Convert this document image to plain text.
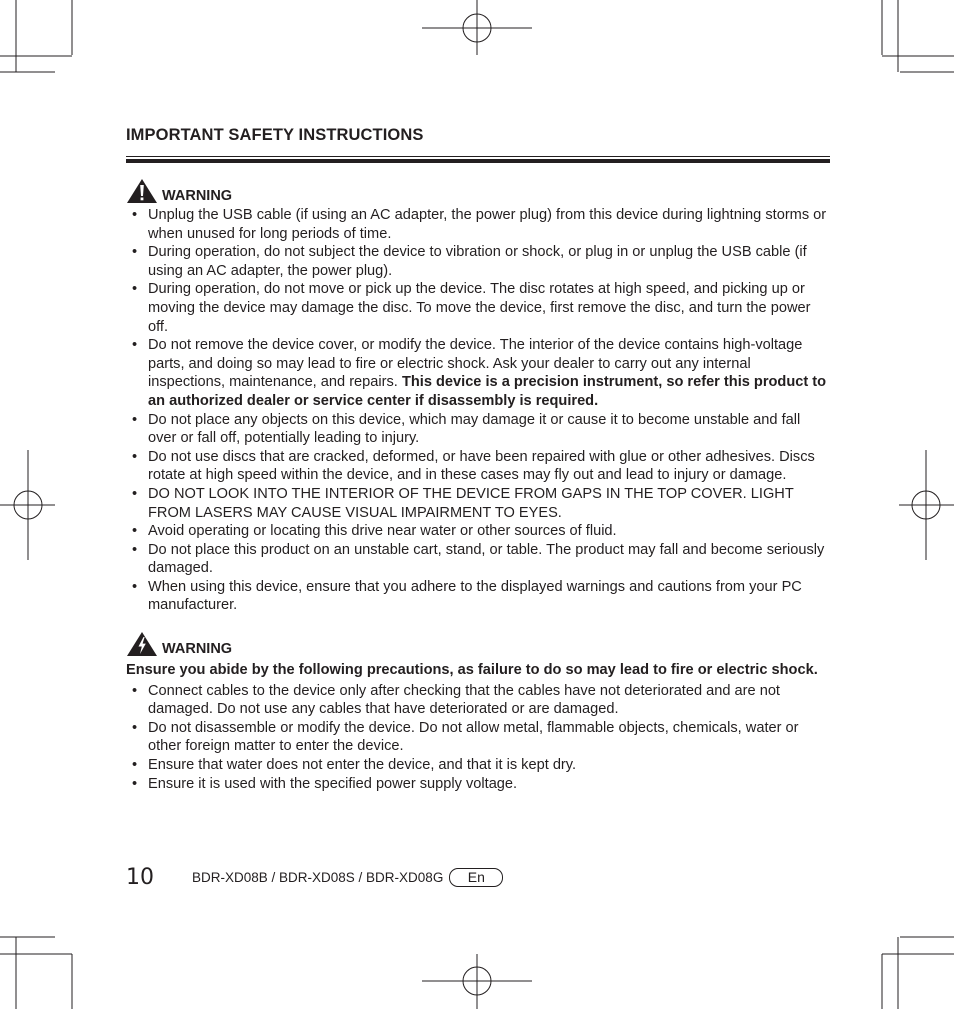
IMPORTANT SAFETY INSTRUCTIONS
WARNING
• Unplug the USB cable (if using an AC adapter, the power plug) from this device during lightning storms or when unused for long periods of time.
• During operation, do not subject the device to vibration or shock, or plug in or unplug the USB cable (if using an AC adapter, the power plug).
• During operation, do not move or pick up the device. The disc rotates at high speed, and picking up or moving the device may damage the disc. To move the device, first remove the disc, and turn the power off.
• Do not remove the device cover, or modify the device. The interior of the device contains high-voltage parts, and doing so may lead to fire or electric shock. Ask your dealer to carry out any internal inspections, maintenance, and repairs. This device is a precision instrument, so refer this product to an authorized dealer or service center if disassembly is required.
• Do not place any objects on this device, which may damage it or cause it to become unstable and fall over or fall off, potentially leading to injury.
• Do not use discs that are cracked, deformed, or have been repaired with glue or other adhesives. Discs rotate at high speed within the device, and in these cases may fly out and lead to injury or damage.
• DO NOT LOOK INTO THE INTERIOR OF THE DEVICE FROM GAPS IN THE TOP COVER. LIGHT FROM LASERS MAY CAUSE VISUAL IMPAIRMENT TO EYES.
• Avoid operating or locating this drive near water or other sources of fluid.
• Do not place this product on an unstable cart, stand, or table. The product may fall and become seriously damaged.
• When using this device, ensure that you adhere to the displayed warnings and cautions from your PC manufacturer.
WARNING

Ensure you abide by the following precautions, as failure to do so may lead to fire or electric shock.

• Connect cables to the device only after checking that the cables have not deteriorated and are not damaged. Do not use any cables that have deteriorated or are damaged.
• Do not disassemble or modify the device. Do not allow metal, flammable objects, chemicals, water or other foreign matter to enter the device.
• Ensure that water does not enter the device, and that it is kept dry.
• Ensure it is used with the specified power supply voltage.
10	BDR-XD08B / BDR-XD08S / BDR-XD08G	En
